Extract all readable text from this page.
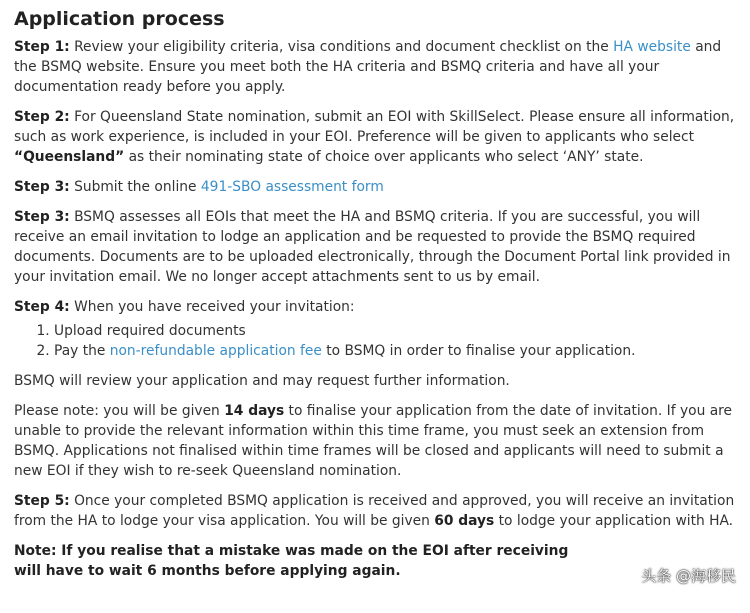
Application process

Step 1: Review your eligibility criteria, visa conditions and document checklist on the HA website and the BSMQ website. Ensure you meet both the HA criteria and BSMQ criteria and have all your documentation ready before you apply.

Step 2: For Queensland State nomination, submit an EOI with SkillSelect. Please ensure all information, such as work experience, is included in your EOI. Preference will be given to applicants who select “Queensland” as their nominating state of choice over applicants who select ‘ANY’ state.

Step 3: Submit the online 491-SBO assessment form

Step 3: BSMQ assesses all EOIs that meet the HA and BSMQ criteria. If you are successful, you will receive an email invitation to lodge an application and be requested to provide the BSMQ required documents. Documents are to be uploaded electronically, through the Document Portal link provided in your invitation email. We no longer accept attachments sent to us by email.

Step 4: When you have received your invitation:

1. Upload required documents
2. Pay the non-refundable application fee to BSMQ in order to finalise your application.

BSMQ will review your application and may request further information.

Please note: you will be given 14 days to finalise your application from the date of invitation. If you are unable to provide the relevant information within this time frame, you must seek an extension from BSMQ. Applications not finalised within time frames will be closed and applicants will need to submit a new EOI if they wish to re-seek Queensland nomination.

Step 5: Once your completed BSMQ application is received and approved, you will receive an invitation from the HA to lodge your visa application. You will be given 60 days to lodge your application with HA.

Note: If you realise that a mistake was made on the EOI after receiving
will have to wait 6 months before applying again.	头条 @海移民
